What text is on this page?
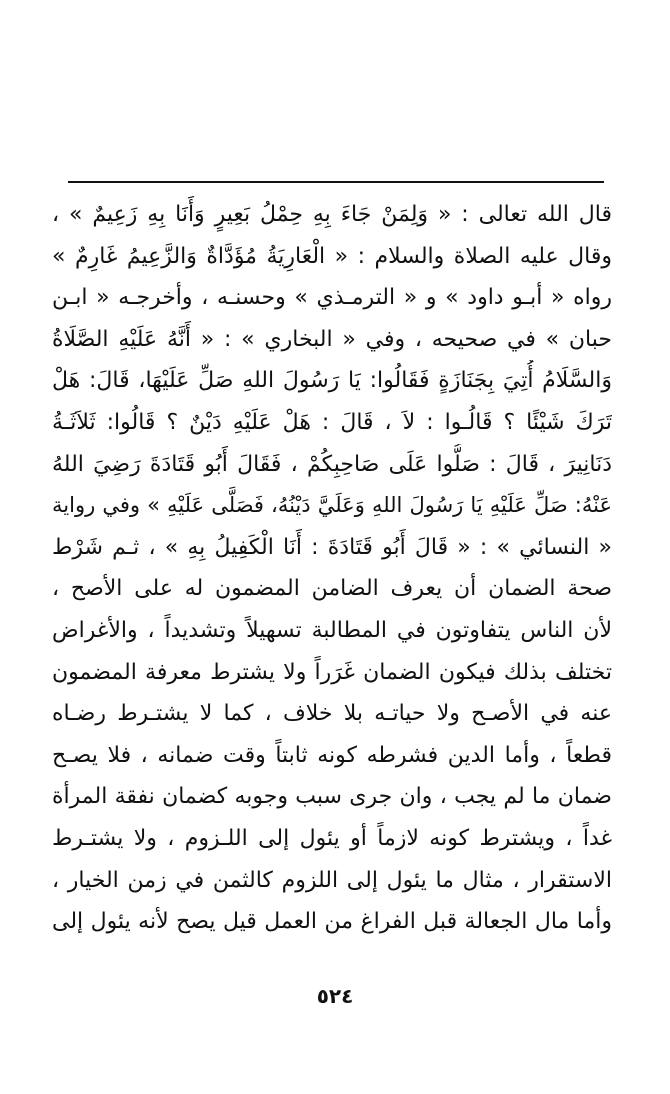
قال الله تعالى : « وَلِمَنْ جَاءَ بِهِ حِمْلُ بَعِيرٍ وَأَنَا بِهِ زَعِيمٌ » ،
وقال عليه الصلاة والسلام : « الْعَارِيَةُ مُؤَدَّاةٌ وَالزَّعِيمُ غَارِمٌ »
رواه « أبـو داود » و « الترمـذي » وحسنـه ، وأخرجـه « ابـن
حبان » في صحيحه ، وفي « البخاري » : « أَنَّهُ عَلَيْهِ الصَّلَاةُ
وَالسَّلَامُ أُتِيَ بِجَنَازَةٍ فَقَالُوا: يَا رَسُولَ اللهِ صَلِّ عَلَيْهَا، قَالَ: هَلْ
تَرَكَ شَيْئًا ؟ قَالُـوا : لاَ ، قَالَ : هَلْ عَلَيْهِ دَيْنٌ ؟ قَالُوا: ثَلاَثَـةُ
دَنَانِيرَ ، قَالَ : صَلُّوا عَلَى صَاحِبِكُمْ ، فَقَالَ أَبُو قَتَادَةَ رَضِيَ اللهُ
عَنْهُ: صَلِّ عَلَيْهِ يَا رَسُولَ اللهِ وَعَلَيَّ دَيْنُهُ، فَصَلَّى عَلَيْهِ » وفي رواية
« النسائي » : « قَالَ أَبُو قَتَادَةَ : أَنَا الْكَفِيلُ بِهِ » ، ثـم شَرْط
صحة الضمان أن يعرف الضامن المضمون له على الأصح ،
لأن الناس يتفاوتون في المطالبة تسهيلاً وتشديداً ، والأغراض
تختلف بذلك فيكون الضمان غَرَراً ولا يشترط معرفة المضمون
عنه في الأصـح ولا حياتـه بلا خلاف ، كما لا يشتـرط رضـاه
قطعاً ، وأما الدين فشرطه كونه ثابتاً وقت ضمانه ، فلا يصـح
ضمان ما لم يجب ، وان جرى سبب وجوبه كضمان نفقة المرأة
غداً ، ويشترط كونه لازماً أو يئول إلى اللـزوم ، ولا يشتـرط
الاستقرار ، مثال ما يئول إلى اللزوم كالثمن في زمن الخيار ،
وأما مال الجعالة قبل الفراغ من العمل قيل يصح لأنه يئول إلى
٥٢٤
